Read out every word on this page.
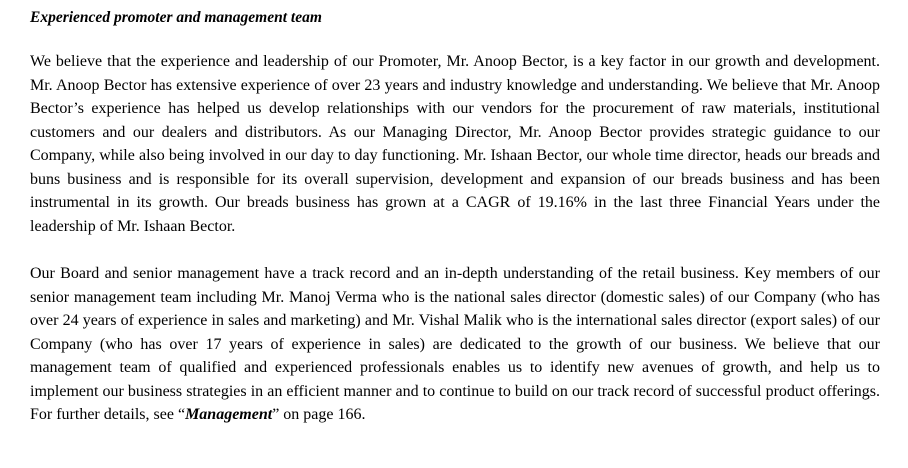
Experienced promoter and management team

We believe that the experience and leadership of our Promoter, Mr. Anoop Bector, is a key factor in our growth and development. Mr. Anoop Bector has extensive experience of over 23 years and industry knowledge and understanding. We believe that Mr. Anoop Bector’s experience has helped us develop relationships with our vendors for the procurement of raw materials, institutional customers and our dealers and distributors. As our Managing Director, Mr. Anoop Bector provides strategic guidance to our Company, while also being involved in our day to day functioning. Mr. Ishaan Bector, our whole time director, heads our breads and buns business and is responsible for its overall supervision, development and expansion of our breads business and has been instrumental in its growth. Our breads business has grown at a CAGR of 19.16% in the last three Financial Years under the leadership of Mr. Ishaan Bector.

Our Board and senior management have a track record and an in-depth understanding of the retail business. Key members of our senior management team including Mr. Manoj Verma who is the national sales director (domestic sales) of our Company (who has over 24 years of experience in sales and marketing) and Mr. Vishal Malik who is the international sales director (export sales) of our Company (who has over 17 years of experience in sales) are dedicated to the growth of our business. We believe that our management team of qualified and experienced professionals enables us to identify new avenues of growth, and help us to implement our business strategies in an efficient manner and to continue to build on our track record of successful product offerings. For further details, see “Management” on page 166.
